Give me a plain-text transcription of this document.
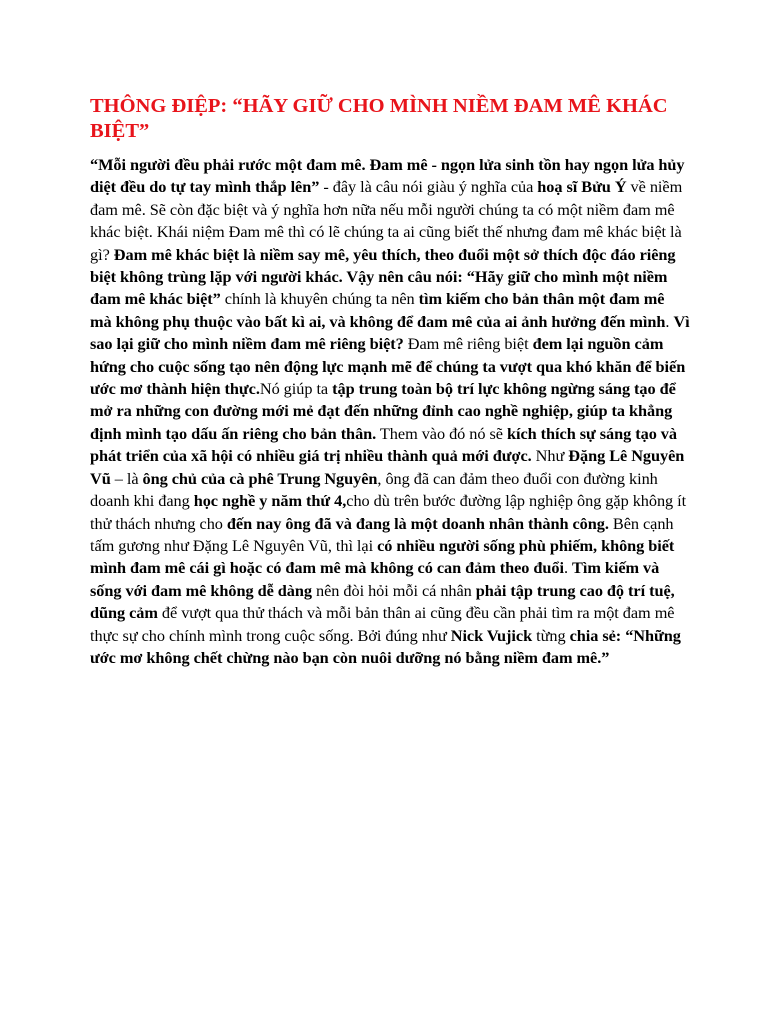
THÔNG ĐIỆP: “HÃY GIỮ CHO MÌNH NIỀM ĐAM MÊ KHÁC BIỆT”

“Mỗi người đều phải rước một đam mê. Đam mê - ngọn lửa sinh tồn hay ngọn lửa hủy diệt đều do tự tay mình thắp lên” - đây là câu nói giàu ý nghĩa của hoạ sĩ Bửu Ý về niềm đam mê. Sẽ còn đặc biệt và ý nghĩa hơn nữa nếu mỗi người chúng ta có một niềm đam mê khác biệt. Khái niệm Đam mê thì có lẽ chúng ta ai cũng biết thế nhưng đam mê khác biệt là gì? Đam mê khác biệt là niềm say mê, yêu thích, theo đuổi một sở thích độc đáo riêng biệt không trùng lặp với người khác. Vậy nên câu nói: “Hãy giữ cho mình một niềm đam mê khác biệt” chính là khuyên chúng ta nên tìm kiếm cho bản thân một đam mê mà không phụ thuộc vào bất kì ai, và không để đam mê của ai ảnh hưởng đến mình. Vì sao lại giữ cho mình niềm đam mê riêng biệt? Đam mê riêng biệt đem lại nguồn cảm hứng cho cuộc sống tạo nên động lực mạnh mẽ để chúng ta vượt qua khó khăn để biến ước mơ thành hiện thực.Nó giúp ta tập trung toàn bộ trí lực không ngừng sáng tạo để mở ra những con đường mới mẻ đạt đến những đỉnh cao nghề nghiệp, giúp ta khẳng định mình tạo dấu ấn riêng cho bản thân. Them vào đó nó sẽ kích thích sự sáng tạo và phát triển của xã hội có nhiều giá trị nhiều thành quả mới được. Như Đặng Lê Nguyên Vũ – là ông chủ của cà phê Trung Nguyên, ông đã can đảm theo đuổi con đường kinh doanh khi đang học nghề y năm thứ 4,cho dù trên bước đường lập nghiệp ông gặp không ít thử thách nhưng cho đến nay ông đã và đang là một doanh nhân thành công. Bên cạnh tấm gương như Đặng Lê Nguyên Vũ, thì lại có nhiều người sống phù phiếm, không biết mình đam mê cái gì hoặc có đam mê mà không có can đảm theo đuổi. Tìm kiếm và sống với đam mê không dễ dàng nên đòi hỏi mỗi cá nhân phải tập trung cao độ trí tuệ, dũng cảm để vượt qua thử thách và mỗi bản thân ai cũng đều cần phải tìm ra một đam mê thực sự cho chính mình trong cuộc sống. Bởi đúng như Nick Vujick từng chia sẻ: “Những ước mơ không chết chừng nào bạn còn nuôi dưỡng nó bằng niềm đam mê.”
